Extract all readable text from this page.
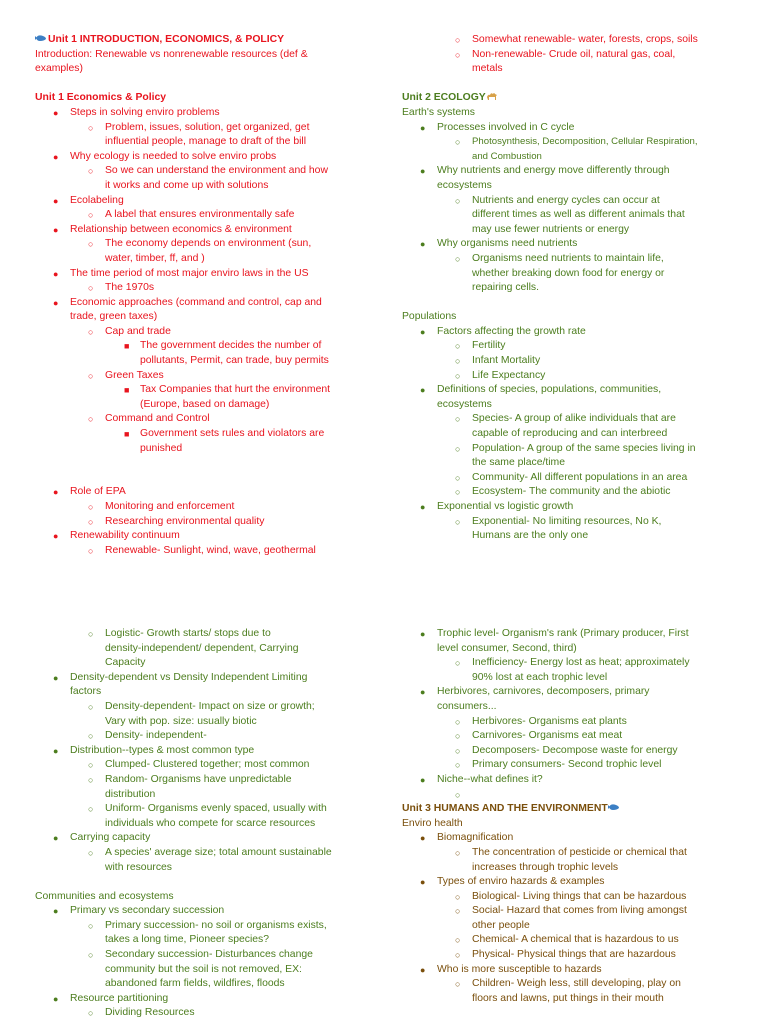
Unit 1 INTRODUCTION, ECONOMICS, & POLICY
Introduction: Renewable vs nonrenewable resources (def &
examples)
Unit 1 Economics & Policy
● Steps in solving enviro problems
○ Problem, issues, solution, get organized, get
influential people, manage to draft of the bill
● Why ecology is needed to solve enviro probs
○ So we can understand the environment and how
it works and come up with solutions
● Ecolabeling
○ A label that ensures environmentally safe
● Relationship between economics & environment
○ The economy depends on environment (sun,
water, timber, ff, and )
● The time period of most major enviro laws in the US
○ The 1970s
● Economic approaches (command and control, cap and
trade, green taxes)
○ Cap and trade
■ The government decides the number of
pollutants, Permit, can trade, buy permits
○ Green Taxes
■ Tax Companies that hurt the environment
(Europe, based on damage)
○ Command and Control
■ Government sets rules and violators are
punished
● Role of EPA
○ Monitoring and enforcement
○ Researching environmental quality
● Renewability continuum
○ Renewable- Sunlight, wind, wave, geothermal
○ Somewhat renewable- water, forests, crops, soils
○ Non-renewable- Crude oil, natural gas, coal,
metals
Unit 2 ECOLOGY
Earth's systems
● Processes involved in C cycle
○ Photosynthesis, Decomposition, Cellular Respiration,
and Combustion
● Why nutrients and energy move differently through
ecosystems
○ Nutrients and energy cycles can occur at
different times as well as different animals that
may use fewer nutrients or energy
● Why organisms need nutrients
○ Organisms need nutrients to maintain life,
whether breaking down food for energy or
repairing cells.
Populations
● Factors affecting the growth rate
○ Fertility
○ Infant Mortality
○ Life Expectancy
● Definitions of species, populations, communities,
ecosystems
○ Species- A group of alike individuals that are
capable of reproducing and can interbreed
○ Population- A group of the same species living in
the same place/time
○ Community- All different populations in an area
○ Ecosystem- The community and the abiotic
● Exponential vs logistic growth
○ Exponential- No limiting resources, No K,
Humans are the only one
○ Logistic- Growth starts/ stops due to
density-independent/ dependent, Carrying
Capacity
● Density-dependent vs Density Independent Limiting
factors
○ Density-dependent- Impact on size or growth;
Vary with pop. size: usually biotic
○ Density- independent-
● Distribution--types & most common type
○ Clumped- Clustered together; most common
○ Random- Organisms have unpredictable
distribution
○ Uniform- Organisms evenly spaced, usually with
individuals who compete for scarce resources
● Carrying capacity
○ A species' average size; total amount sustainable
with resources
Communities and ecosystems
● Primary vs secondary succession
○ Primary succession- no soil or organisms exists,
takes a long time, Pioneer species?
○ Secondary succession- Disturbances change
community but the soil is not removed, EX:
abandoned farm fields, wildfires, floods
● Resource partitioning
○ Dividing Resources
● Trophic level- Organism's rank (Primary producer, First
level consumer, Second, third)
○ Inefficiency- Energy lost as heat; approximately
90% lost at each trophic level
● Herbivores, carnivores, decomposers, primary
consumers...
○ Herbivores- Organisms eat plants
○ Carnivores- Organisms eat meat
○ Decomposers- Decompose waste for energy
○ Primary consumers- Second trophic level
● Niche--what defines it?
○
Unit 3 HUMANS AND THE ENVIRONMENT
Enviro health
● Biomagnification
○ The concentration of pesticide or chemical that
increases through trophic levels
● Types of enviro hazards & examples
○ Biological- Living things that can be hazardous
○ Social- Hazard that comes from living amongst
other people
○ Chemical- A chemical that is hazardous to us
○ Physical- Physical things that are hazardous
● Who is more susceptible to hazards
○ Children- Weigh less, still developing, play on
floors and lawns, put things in their mouth
